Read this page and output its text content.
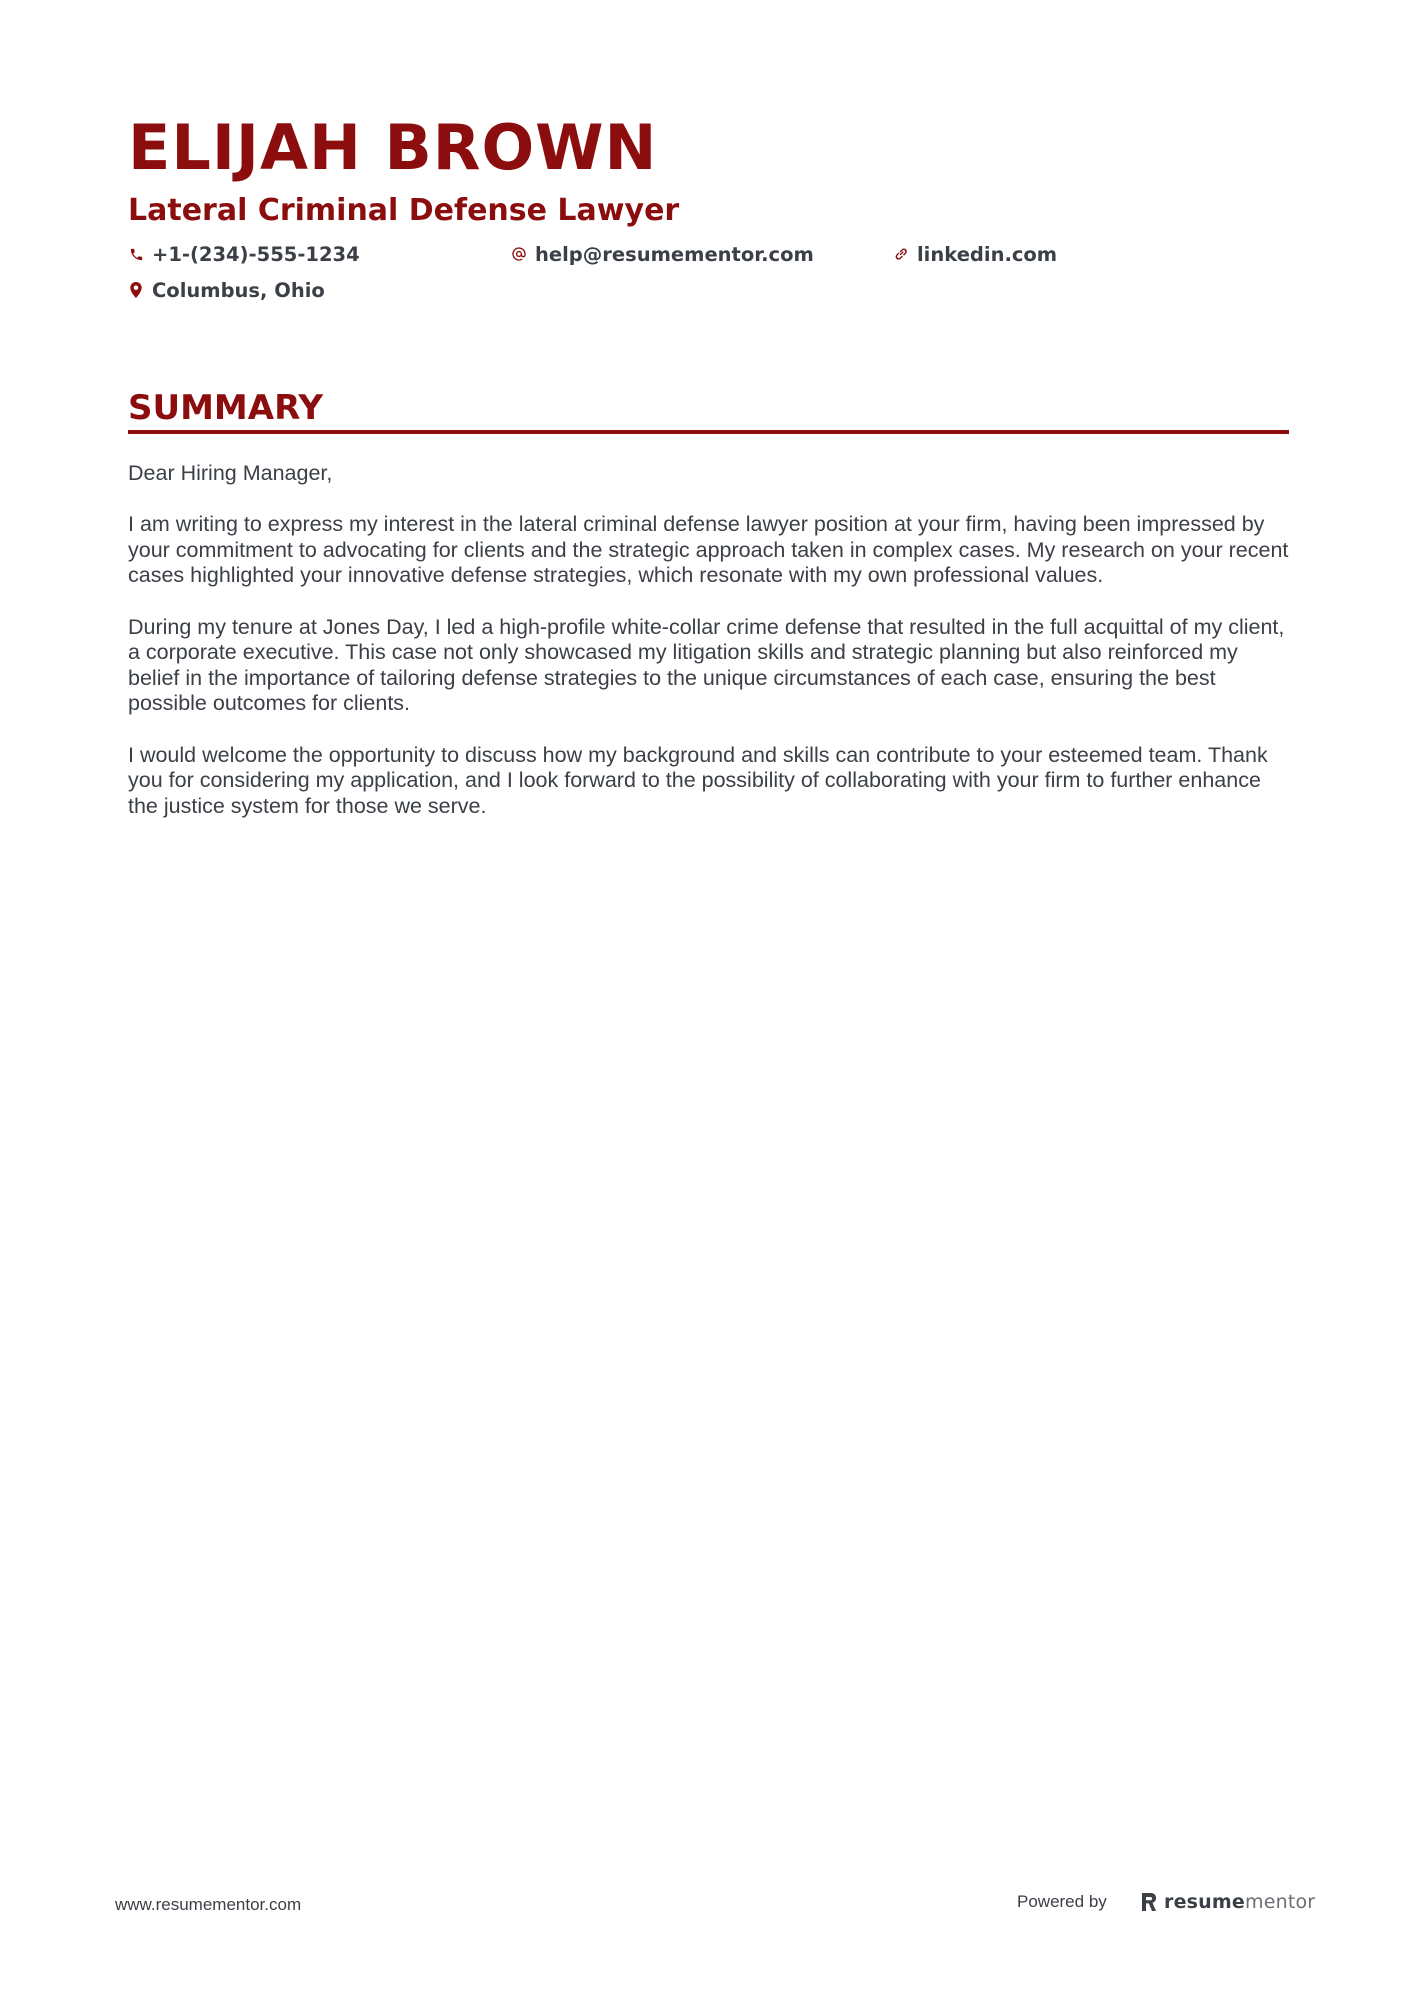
ELIJAH BROWN
Lateral Criminal Defense Lawyer
+1-(234)-555-1234	help@resumementor.com	linkedin.com
Columbus, Ohio
SUMMARY

Dear Hiring Manager,

I am writing to express my interest in the lateral criminal defense lawyer position at your firm, having been impressed by your commitment to advocating for clients and the strategic approach taken in complex cases. My research on your recent cases highlighted your innovative defense strategies, which resonate with my own professional values.

During my tenure at Jones Day, I led a high-profile white-collar crime defense that resulted in the full acquittal of my client, a corporate executive. This case not only showcased my litigation skills and strategic planning but also reinforced my belief in the importance of tailoring defense strategies to the unique circumstances of each case, ensuring the best possible outcomes for clients.

I would welcome the opportunity to discuss how my background and skills can contribute to your esteemed team. Thank you for considering my application, and I look forward to the possibility of collaborating with your firm to further enhance the justice system for those we serve.

www.resumementor.com	Powered by	resumementor
